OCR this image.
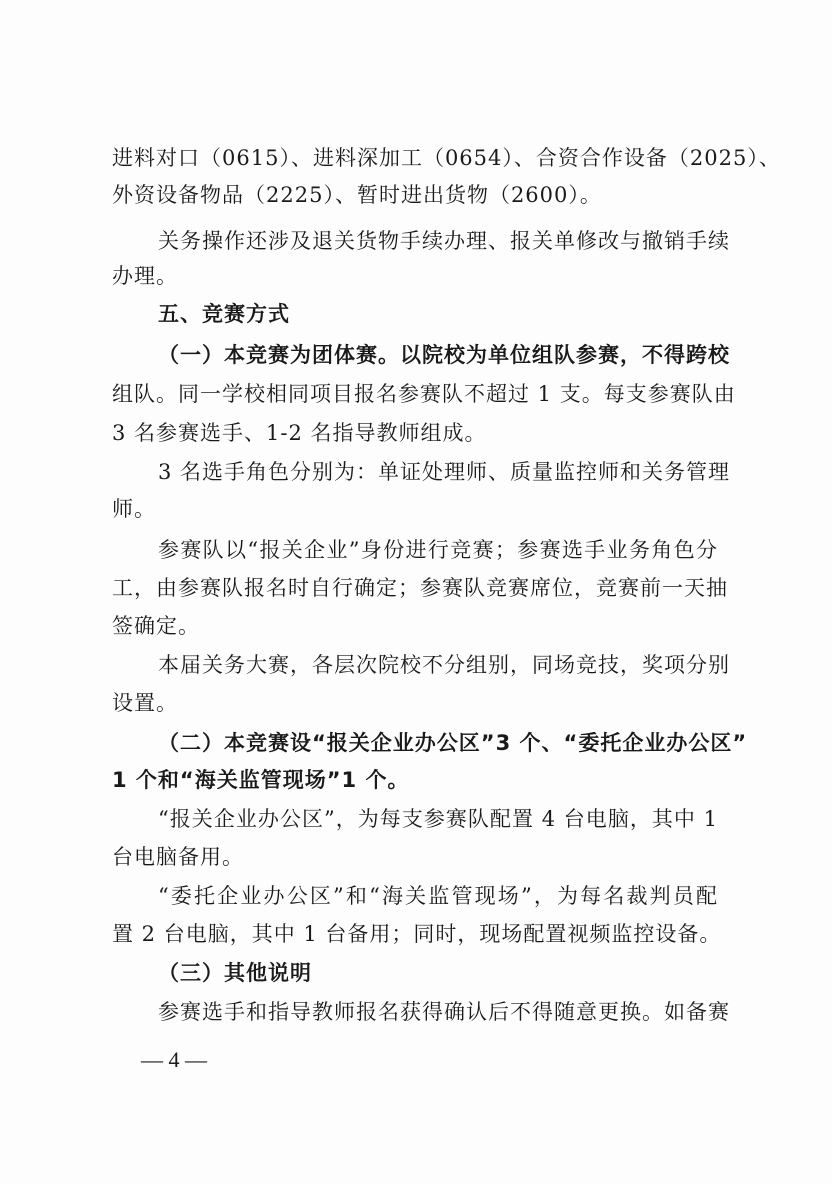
进料对口（0615）、进料深加工（0654）、合资合作设备（2025）、
外资设备物品（2225）、暂时进出货物（2600）。
关务操作还涉及退关货物手续办理、报关单修改与撤销手续
办理。
五、竞赛方式
（一）本竞赛为团体赛。以院校为单位组队参赛，不得跨校
组队。同一学校相同项目报名参赛队不超过 1 支。每支参赛队由
3 名参赛选手、1-2 名指导教师组成。
3 名选手角色分别为：单证处理师、质量监控师和关务管理
师。
参赛队以“报关企业”身份进行竞赛；参赛选手业务角色分
工，由参赛队报名时自行确定；参赛队竞赛席位，竞赛前一天抽
签确定。
本届关务大赛，各层次院校不分组别，同场竞技，奖项分别
设置。
（二）本竞赛设“报关企业办公区”3 个、“委托企业办公区”
1 个和“海关监管现场”1 个。
“报关企业办公区”，为每支参赛队配置 4 台电脑，其中 1
台电脑备用。
“委托企业办公区”和“海关监管现场”，为每名裁判员配
置 2 台电脑，其中 1 台备用；同时，现场配置视频监控设备。
（三）其他说明
参赛选手和指导教师报名获得确认后不得随意更换。如备赛
— 4 —
